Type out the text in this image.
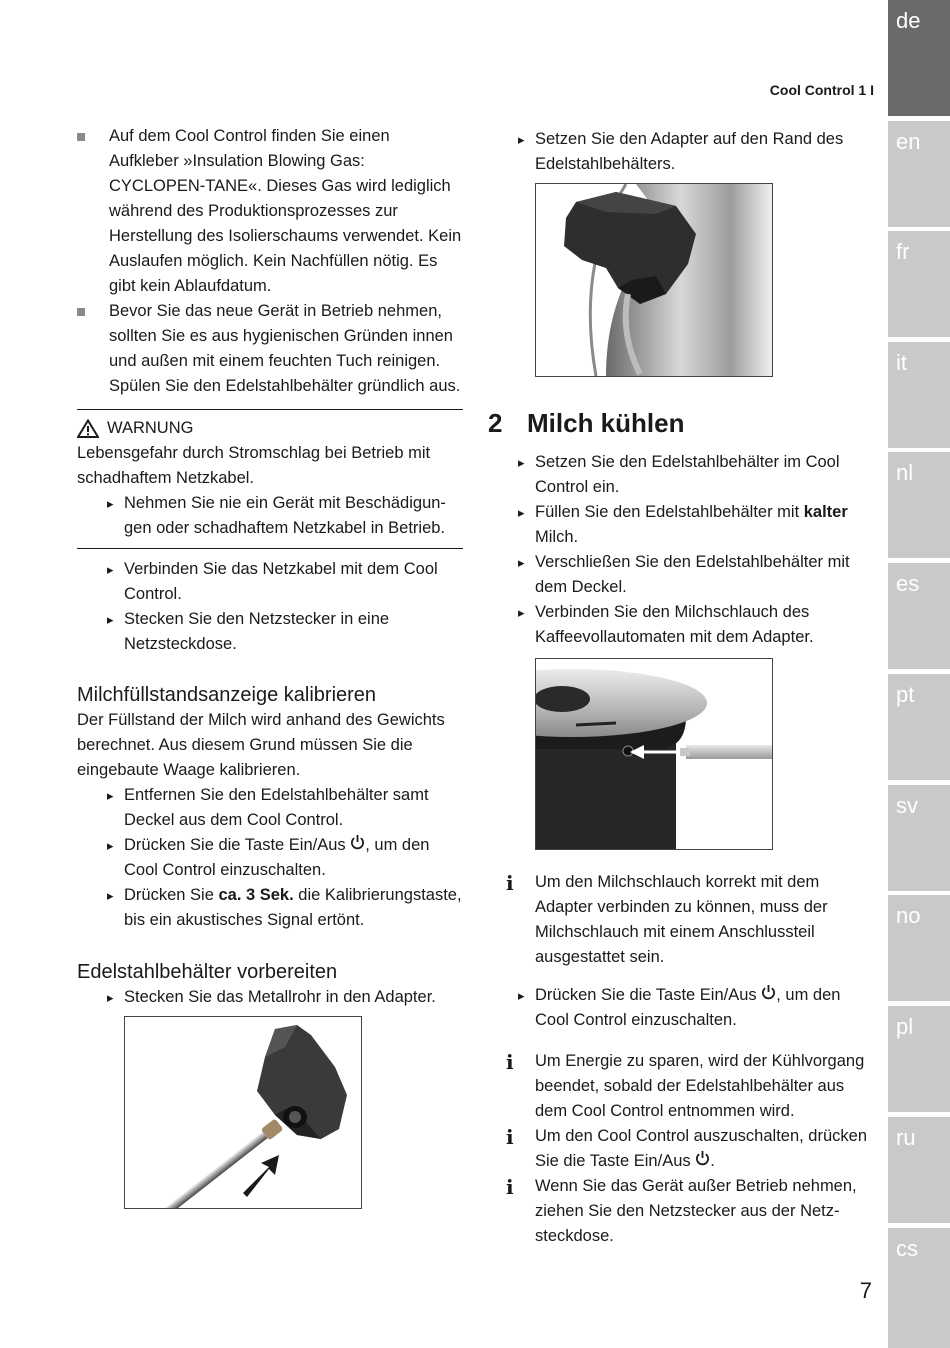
de
en
fr
it
nl
es
pt
sv
no
pl
ru
cs
Cool Control 1 I
7

Auf dem Cool Control finden Sie einen Aufkleber »Insulation Blowing Gas: CYCLOPEN-TANE«. Dieses Gas wird lediglich während des Produktionsprozesses zur Herstellung des Isolierschaums verwendet. Kein Auslaufen möglich. Kein Nachfüllen nötig. Es gibt kein Ablaufdatum.

Bevor Sie das neue Gerät in Betrieb nehmen, sollten Sie es aus hygienischen Gründen innen und außen mit einem feuchten Tuch reinigen. Spülen Sie den Edelstahlbehälter gründlich aus.

WARNUNG

Lebensgefahr durch Stromschlag bei Betrieb mit schadhaftem Netzkabel.

▸ Nehmen Sie nie ein Gerät mit Beschädigun-gen oder schadhaftem Netzkabel in Betrieb.

▸ Verbinden Sie das Netzkabel mit dem Cool Control.

▸ Stecken Sie den Netzstecker in eine Netzsteckdose.

Milchfüllstandsanzeige kalibrieren

Der Füllstand der Milch wird anhand des Gewichts berechnet. Aus diesem Grund müssen Sie die eingebaute Waage kalibrieren.

▸ Entfernen Sie den Edelstahlbehälter samt Deckel aus dem Cool Control.

▸ Drücken Sie die Taste Ein/Aus , um den Cool Control einzuschalten.

▸ Drücken Sie ca. 3 Sek. die Kalibrierungstaste, bis ein akustisches Signal ertönt.

Edelstahlbehälter vorbereiten

▸ Stecken Sie das Metallrohr in den Adapter.

▸ Setzen Sie den Adapter auf den Rand des Edelstahlbehälters.

2 Milch kühlen

▸ Setzen Sie den Edelstahlbehälter im Cool Control ein.

▸ Füllen Sie den Edelstahlbehälter mit kalter Milch.

▸ Verschließen Sie den Edelstahlbehälter mit dem Deckel.

▸ Verbinden Sie den Milchschlauch des Kaffeevollautomaten mit dem Adapter.

i Um den Milchschlauch korrekt mit dem Adapter verbinden zu können, muss der Milchschlauch mit einem Anschlussteil ausgestattet sein.

▸ Drücken Sie die Taste Ein/Aus , um den Cool Control einzuschalten.

i Um Energie zu sparen, wird der Kühlvorgang beendet, sobald der Edelstahlbehälter aus dem Cool Control entnommen wird.

i Um den Cool Control auszuschalten, drücken Sie die Taste Ein/Aus .

i Wenn Sie das Gerät außer Betrieb nehmen, ziehen Sie den Netzstecker aus der Netz-steckdose.
